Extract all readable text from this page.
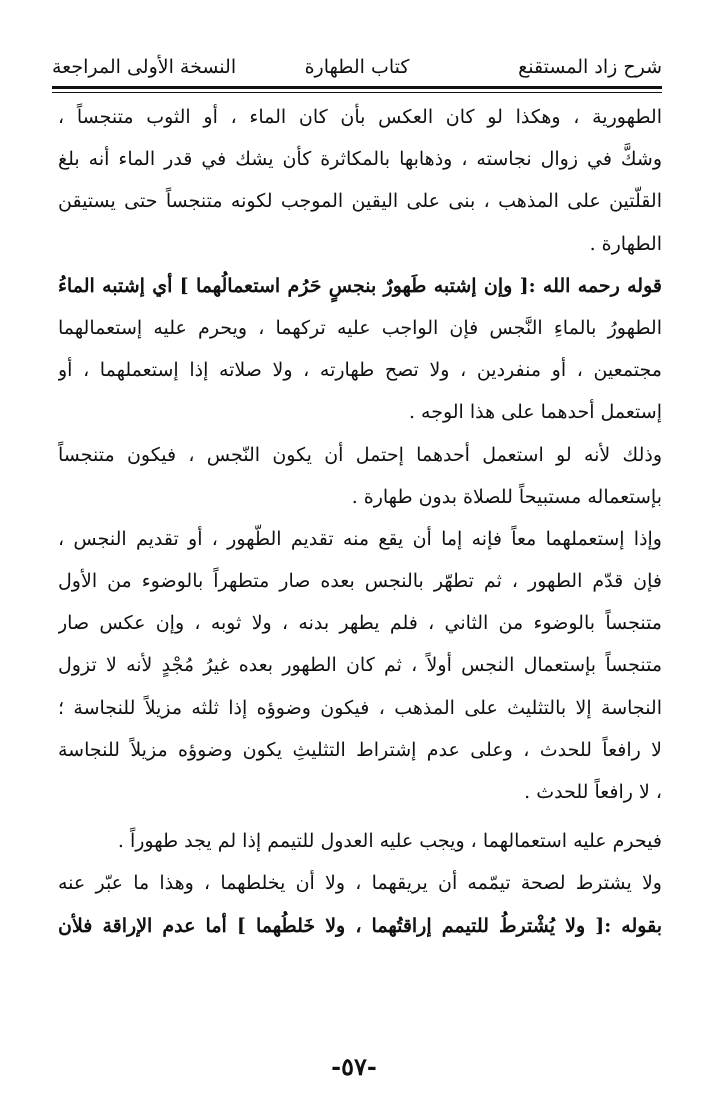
شرح زاد المستقنع
كتاب الطهارة
النسخة الأولى المراجعة
الطهورية ، وهكذا لو كان العكس بأن كان الماء ، أو الثوب متنجساً ،
وشكَّ في زوال نجاسته ، وذهابها بالمكاثرة كأن يشك في قدر الماء أنه بلغ
القلّتين على المذهب ، بنى على اليقين الموجب لكونه متنجساً حتى يستيقن
الطهارة .
قوله رحمه الله :[ وإن إشتبه طَهورٌ بنجسٍ حَرُم استعمالُهما ] أي إشتبه الماءُ
الطهورُ بالماءِ النَّجس فإن الواجب عليه تركهما ، ويحرم عليه إستعمالهما
مجتمعين ، أو منفردين ، ولا تصح طهارته ، ولا صلاته إذا إستعملهما ، أو
إستعمل أحدهما على هذا الوجه .
وذلك لأنه لو استعمل أحدهما إحتمل أن يكون النّجس ، فيكون متنجساً
بإستعماله مستبيحاً للصلاة بدون طهارة .
وإذا إستعملهما معاً فإنه إما أن يقع منه تقديم الطّهور ، أو تقديم النجس ،
فإن قدّم الطهور ، ثم تطهّر بالنجس بعده صار متطهراً بالوضوء من الأول
متنجساً بالوضوء من الثاني ، فلم يطهر بدنه ، ولا ثوبه ، وإن عكس صار
متنجساً بإستعمال النجس أولاً ، ثم كان الطهور بعده غيرُ مُجْدٍ لأنه لا تزول
النجاسة إلا بالتثليث على المذهب ، فيكون وضوؤه إذا ثلثه مزيلاً للنجاسة ؛
لا رافعاً للحدث ، وعلى عدم إشتراط التثليثِ يكون وضوؤه مزيلاً للنجاسة
، لا رافعاً للحدث .
فيحرم عليه استعمالهما ، ويجب عليه العدول للتيمم إذا لم يجد طهوراً .
ولا يشترط لصحة تيمّمه أن يريقهما ، ولا أن يخلطهما ، وهذا ما عبّر عنه
بقوله :[ ولا يُشْترطُ للتيمم إراقتُهما ، ولا خَلطُهما ] أما عدم الإراقة فلأن
-٥٧-
